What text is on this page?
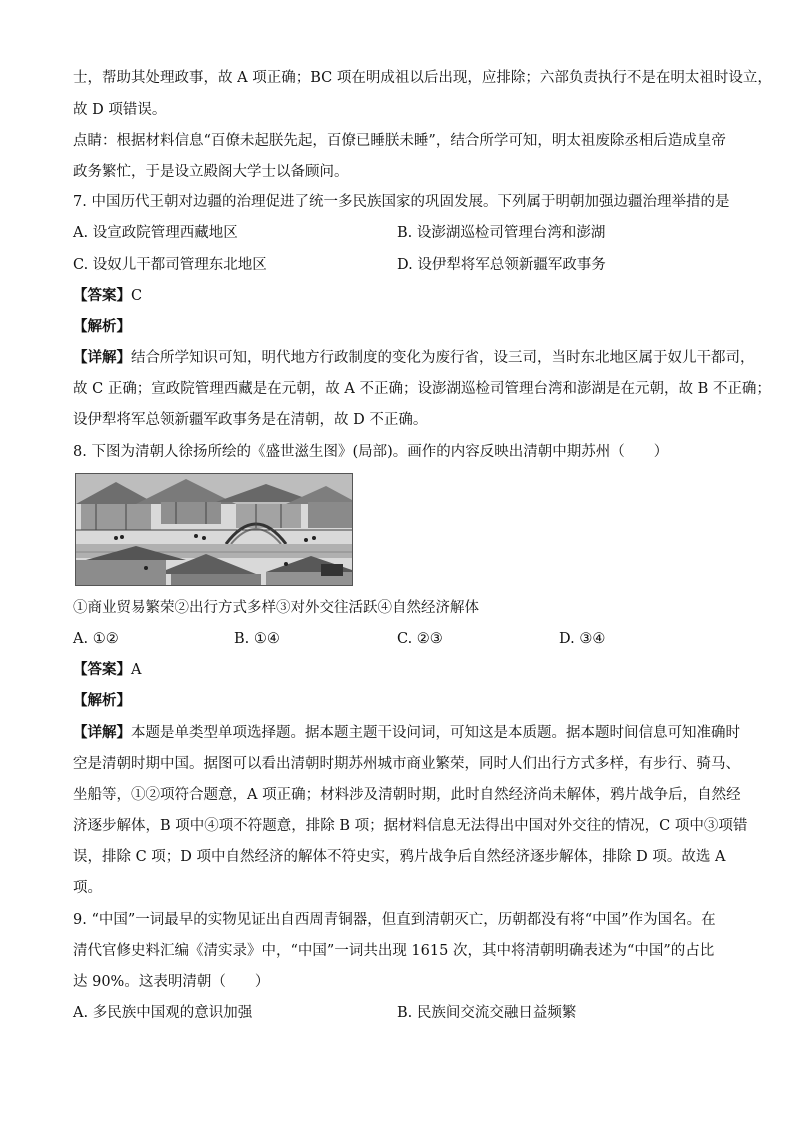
士，帮助其处理政事，故 A 项正确；BC 项在明成祖以后出现，应排除；六部负责执行不是在明太祖时设立，
故 D 项错误。
点睛：根据材料信息“百僚未起朕先起，百僚已睡朕未睡”，结合所学可知，明太祖废除丞相后造成皇帝
政务繁忙，于是设立殿阁大学士以备顾问。
7. 中国历代王朝对边疆的治理促进了统一多民族国家的巩固发展。下列属于明朝加强边疆治理举措的是
A. 设宣政院管理西藏地区	B. 设澎湖巡检司管理台湾和澎湖
C. 设奴儿干都司管理东北地区	D. 设伊犁将军总领新疆军政事务
【答案】C
【解析】
【详解】结合所学知识可知，明代地方行政制度的变化为废行省，设三司，当时东北地区属于奴儿干都司，
故 C 正确；宣政院管理西藏是在元朝，故 A 不正确；设澎湖巡检司管理台湾和澎湖是在元朝，故 B 不正确；
设伊犁将军总领新疆军政事务是在清朝，故 D 不正确。
8. 下图为清朝人徐扬所绘的《盛世滋生图》(局部)。画作的内容反映出清朝中期苏州（　　）
①商业贸易繁荣②出行方式多样③对外交往活跃④自然经济解体
A. ①②	B. ①④	C. ②③	D. ③④
【答案】A
【解析】
【详解】本题是单类型单项选择题。据本题主题干设问词，可知这是本质题。据本题时间信息可知准确时
空是清朝时期中国。据图可以看出清朝时期苏州城市商业繁荣，同时人们出行方式多样，有步行、骑马、
坐船等，①②项符合题意，A 项正确；材料涉及清朝时期，此时自然经济尚未解体，鸦片战争后，自然经
济逐步解体，B 项中④项不符题意，排除 B 项；据材料信息无法得出中国对外交往的情况，C 项中③项错
误，排除 C 项；D 项中自然经济的解体不符史实，鸦片战争后自然经济逐步解体，排除 D 项。故选 A
项。
9. “中国”一词最早的实物见证出自西周青铜器，但直到清朝灭亡，历朝都没有将“中国”作为国名。在
清代官修史料汇编《清实录》中，“中国”一词共出现 1615 次，其中将清朝明确表述为“中国”的占比
达 90%。这表明清朝（　　）
A. 多民族中国观的意识加强	B. 民族间交流交融日益频繁
